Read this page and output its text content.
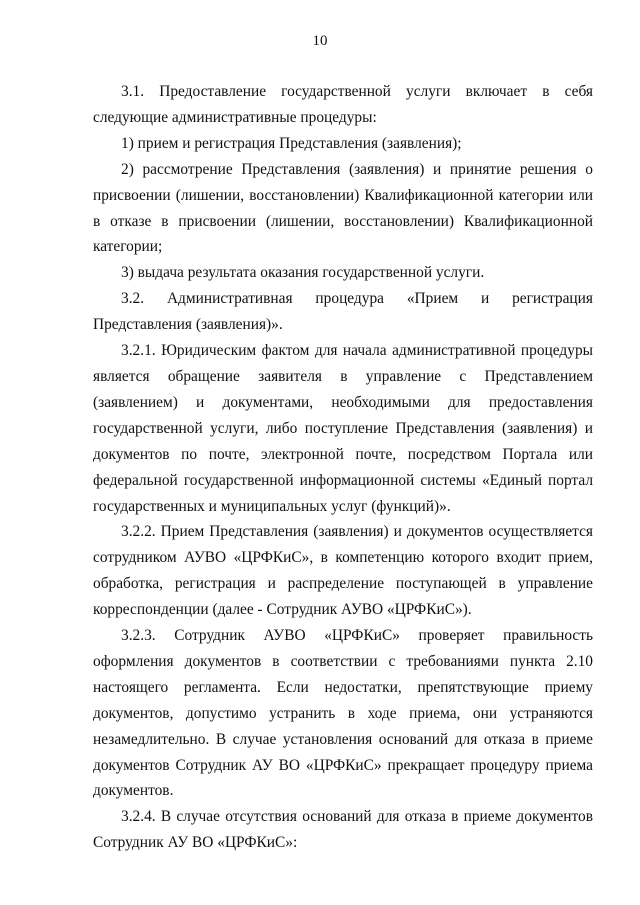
10

3.1. Предоставление государственной услуги включает в себя следующие административные процедуры:

1) прием и регистрация Представления (заявления);

2) рассмотрение Представления (заявления) и принятие решения о присвоении (лишении, восстановлении) Квалификационной категории или в отказе в присвоении (лишении, восстановлении) Квалификационной категории;

3) выдача результата оказания государственной услуги.

3.2. Административная процедура «Прием и регистрация Представления (заявления)».

3.2.1. Юридическим фактом для начала административной процедуры является обращение заявителя в управление с Представлением (заявлением) и документами, необходимыми для предоставления государственной услуги, либо поступление Представления (заявления) и документов по почте, электронной почте, посредством Портала или федеральной государственной информационной системы «Единый портал государственных и муниципальных услуг (функций)».

3.2.2. Прием Представления (заявления) и документов осуществляется сотрудником АУВО «ЦРФКиС», в компетенцию которого входит прием, обработка, регистрация и распределение поступающей в управление корреспонденции (далее - Сотрудник АУВО «ЦРФКиС»).

3.2.3. Сотрудник АУВО «ЦРФКиС» проверяет правильность оформления документов в соответствии с требованиями пункта 2.10 настоящего регламента. Если недостатки, препятствующие приему документов, допустимо устранить в ходе приема, они устраняются незамедлительно. В случае установления оснований для отказа в приеме документов Сотрудник АУ ВО «ЦРФКиС» прекращает процедуру приема документов.

3.2.4. В случае отсутствия оснований для отказа в приеме документов Сотрудник АУ ВО «ЦРФКиС»:
